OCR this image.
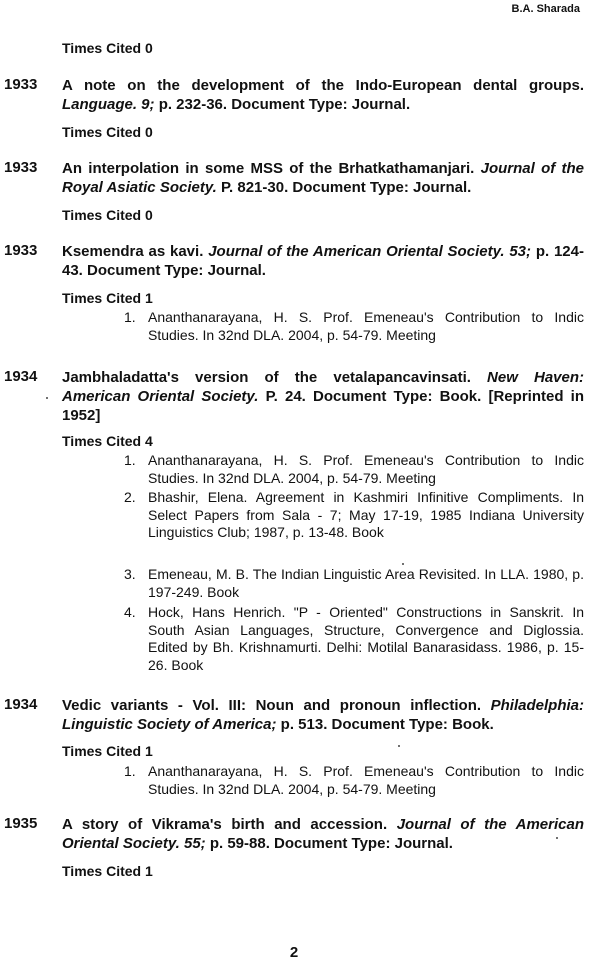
B.A. Sharada
Times Cited 0
1933 A note on the development of the Indo-European dental groups. Language. 9; p. 232-36. Document Type: Journal.
Times Cited 0
1933 An interpolation in some MSS of the Brhatkathamanjari. Journal of the Royal Asiatic Society. P. 821-30. Document Type: Journal.
Times Cited 0
1933 Ksemendra as kavi. Journal of the American Oriental Society. 53; p. 124-43. Document Type: Journal.
Times Cited 1
1. Ananthanarayana, H. S. Prof. Emeneau's Contribution to Indic Studies. In 32nd DLA. 2004, p. 54-79. Meeting
1934 Jambhaladatta's version of the vetalapancavinsati. New Haven: American Oriental Society. P. 24. Document Type: Book. [Reprinted in 1952]
Times Cited 4
1. Ananthanarayana, H. S. Prof. Emeneau's Contribution to Indic Studies. In 32nd DLA. 2004, p. 54-79. Meeting
2. Bhashir, Elena. Agreement in Kashmiri Infinitive Compliments. In Select Papers from Sala - 7; May 17-19, 1985 Indiana University Linguistics Club; 1987, p. 13-48. Book
3. Emeneau, M. B. The Indian Linguistic Area Revisited. In LLA. 1980, p. 197-249. Book
4. Hock, Hans Henrich. "P - Oriented" Constructions in Sanskrit. In South Asian Languages, Structure, Convergence and Diglossia. Edited by Bh. Krishnamurti. Delhi: Motilal Banarasidass. 1986, p. 15-26. Book
1934 Vedic variants - Vol. III: Noun and pronoun inflection. Philadelphia: Linguistic Society of America; p. 513. Document Type: Book.
Times Cited 1
1. Ananthanarayana, H. S. Prof. Emeneau's Contribution to Indic Studies. In 32nd DLA. 2004, p. 54-79. Meeting
1935 A story of Vikrama's birth and accession. Journal of the American Oriental Society. 55; p. 59-88. Document Type: Journal.
Times Cited 1
2
